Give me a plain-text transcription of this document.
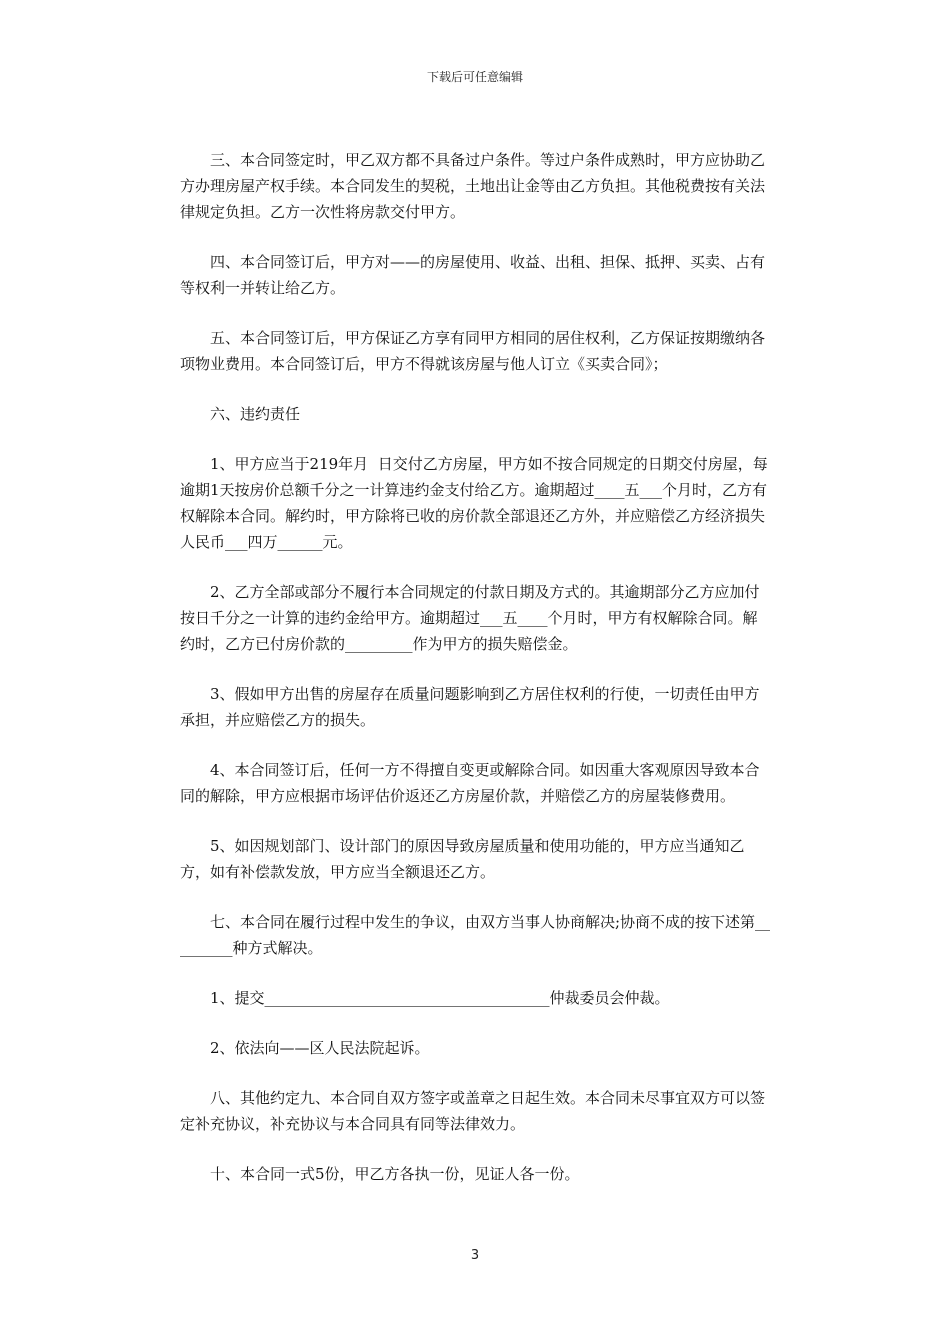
下载后可任意编辑

三、本合同签定时，甲乙双方都不具备过户条件。等过户条件成熟时，甲方应协助乙方办理房屋产权手续。本合同发生的契税，土地出让金等由乙方负担。其他税费按有关法律规定负担。乙方一次性将房款交付甲方。

四、本合同签订后，甲方对——的房屋使用、收益、出租、担保、抵押、买卖、占有等权利一并转让给乙方。

五、本合同签订后，甲方保证乙方享有同甲方相同的居住权利，乙方保证按期缴纳各项物业费用。本合同签订后，甲方不得就该房屋与他人订立《买卖合同》；

六、违约责任

1、甲方应当于219年月  日交付乙方房屋，甲方如不按合同规定的日期交付房屋，每逾期1天按房价总额千分之一计算违约金支付给乙方。逾期超过____五___个月时，乙方有权解除本合同。解约时，甲方除将已收的房价款全部退还乙方外，并应赔偿乙方经济损失人民币___四万______元。

2、乙方全部或部分不履行本合同规定的付款日期及方式的。其逾期部分乙方应加付按日千分之一计算的违约金给甲方。逾期超过___五____个月时，甲方有权解除合同。解约时，乙方已付房价款的_________作为甲方的损失赔偿金。

3、假如甲方出售的房屋存在质量问题影响到乙方居住权利的行使，一切责任由甲方承担，并应赔偿乙方的损失。

4、本合同签订后，任何一方不得擅自变更或解除合同。如因重大客观原因导致本合同的解除，甲方应根据市场评估价返还乙方房屋价款，并赔偿乙方的房屋装修费用。

5、如因规划部门、设计部门的原因导致房屋质量和使用功能的，甲方应当通知乙方，如有补偿款发放，甲方应当全额退还乙方。

七、本合同在履行过程中发生的争议，由双方当事人协商解决;协商不成的按下述第_________种方式解决。

1、提交______________________________________仲裁委员会仲裁。

2、依法向——区人民法院起诉。

八、其他约定九、本合同自双方签字或盖章之日起生效。本合同未尽事宜双方可以签定补充协议，补充协议与本合同具有同等法律效力。

十、本合同一式5份，甲乙方各执一份，见证人各一份。

3
